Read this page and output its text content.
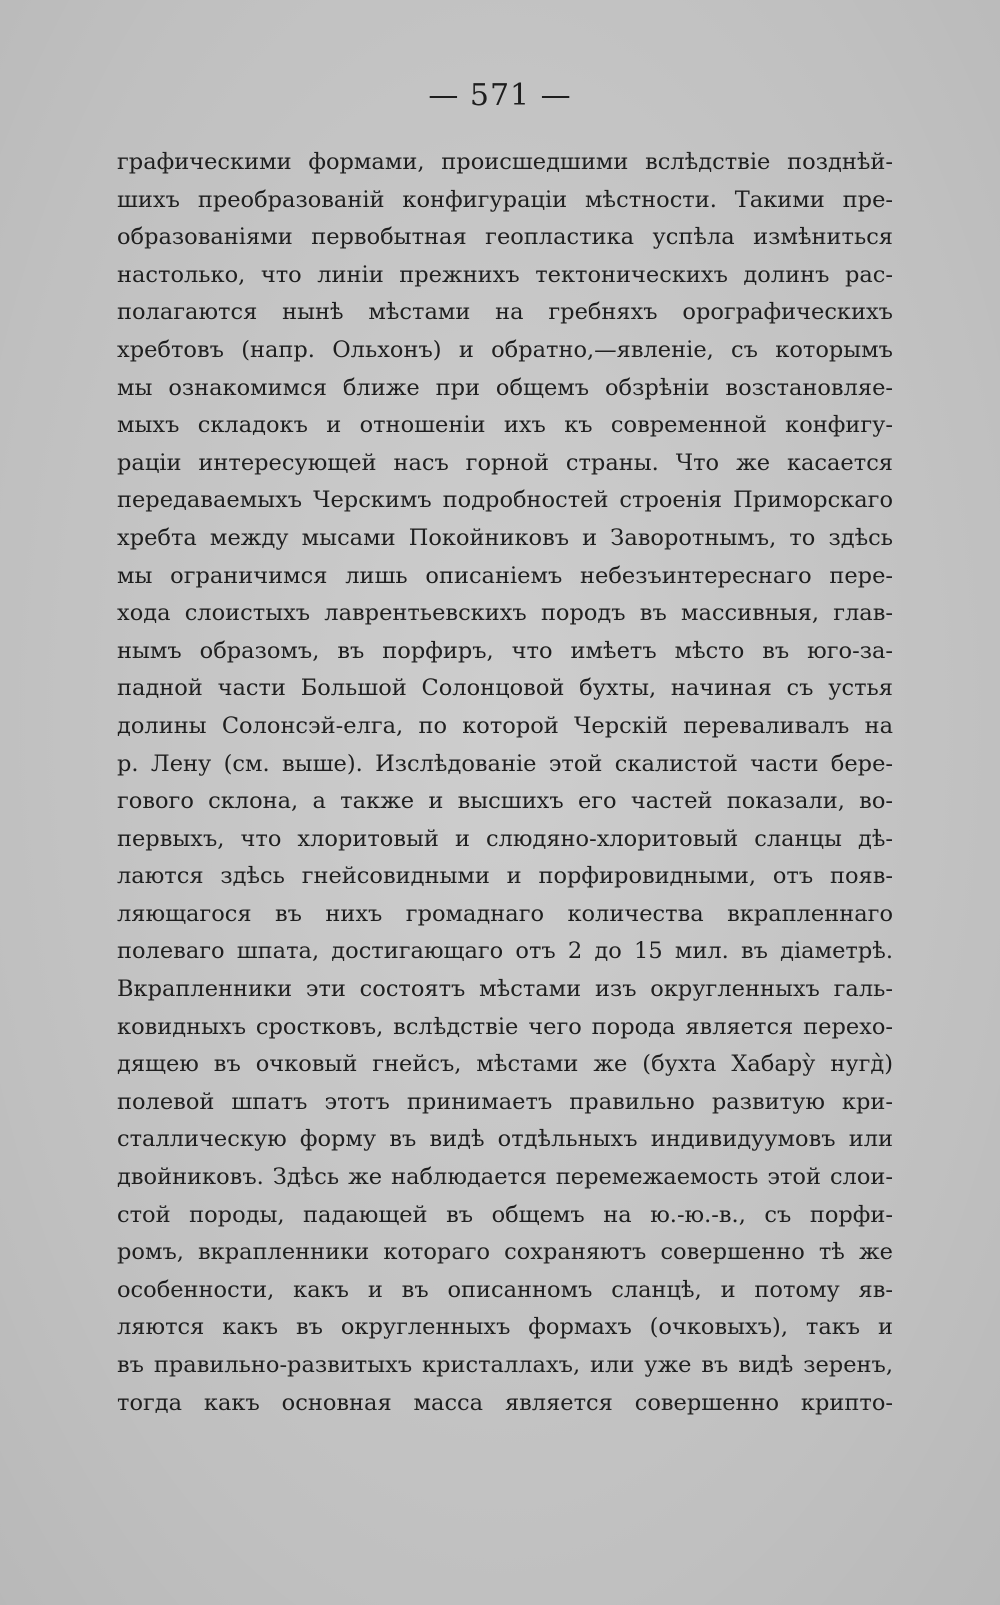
— 571 —
графическими формами, происшедшими вслѣдствіе позднѣй-
шихъ преобразованій конфигураціи мѣстности. Такими пре-
образованіями первобытная геопластика успѣла измѣниться
настолько, что линіи прежнихъ тектоническихъ долинъ рас-
полагаются нынѣ мѣстами на гребняхъ орографическихъ
хребтовъ (напр. Ольхонъ) и обратно,—явленіе, съ которымъ
мы ознакомимся ближе при общемъ обзрѣніи возстановляе-
мыхъ складокъ и отношеніи ихъ къ современной конфигу-
раціи интересующей насъ горной страны. Что же касается
передаваемыхъ Черскимъ подробностей строенія Приморскаго
хребта между мысами Покойниковъ и Заворотнымъ, то здѣсь
мы ограничимся лишь описаніемъ небезъинтереснаго пере-
хода слоистыхъ лаврентьевскихъ породъ въ массивныя, глав-
нымъ образомъ, въ порфиръ, что имѣетъ мѣсто въ юго-за-
падной части Большой Солонцовой бухты, начиная съ устья
долины Солонсэй-елга, по которой Черскій переваливалъ на
р. Лену (см. выше). Изслѣдованіе этой скалистой части бере-
гового склона, а также и высшихъ его частей показали, во-
первыхъ, что хлоритовый и слюдяно-хлоритовый сланцы дѣ-
лаются здѣсь гнейсовидными и порфировидными, отъ появ-
ляющагося въ нихъ громаднаго количества вкрапленнаго
полеваго шпата, достигающаго отъ 2 до 15 мил. въ діаметрѣ.
Вкрапленники эти состоятъ мѣстами изъ округленныхъ галь-
ковидныхъ сростковъ, вслѣдствіе чего порода является перехо-
дящею въ очковый гнейсъ, мѣстами же (бухта Хабару̀ нугд̀)
полевой шпатъ этотъ принимаетъ правильно развитую кри-
сталлическую форму въ видѣ отдѣльныхъ индивидуумовъ или
двойниковъ. Здѣсь же наблюдается перемежаемость этой слои-
стой породы, падающей въ общемъ на ю.-ю.-в., съ порфи-
ромъ, вкрапленники котораго сохраняютъ совершенно тѣ же
особенности, какъ и въ описанномъ сланцѣ, и потому яв-
ляются какъ въ округленныхъ формахъ (очковыхъ), такъ и
въ правильно-развитыхъ кристаллахъ, или уже въ видѣ зеренъ,
тогда какъ основная масса является совершенно крипто-
